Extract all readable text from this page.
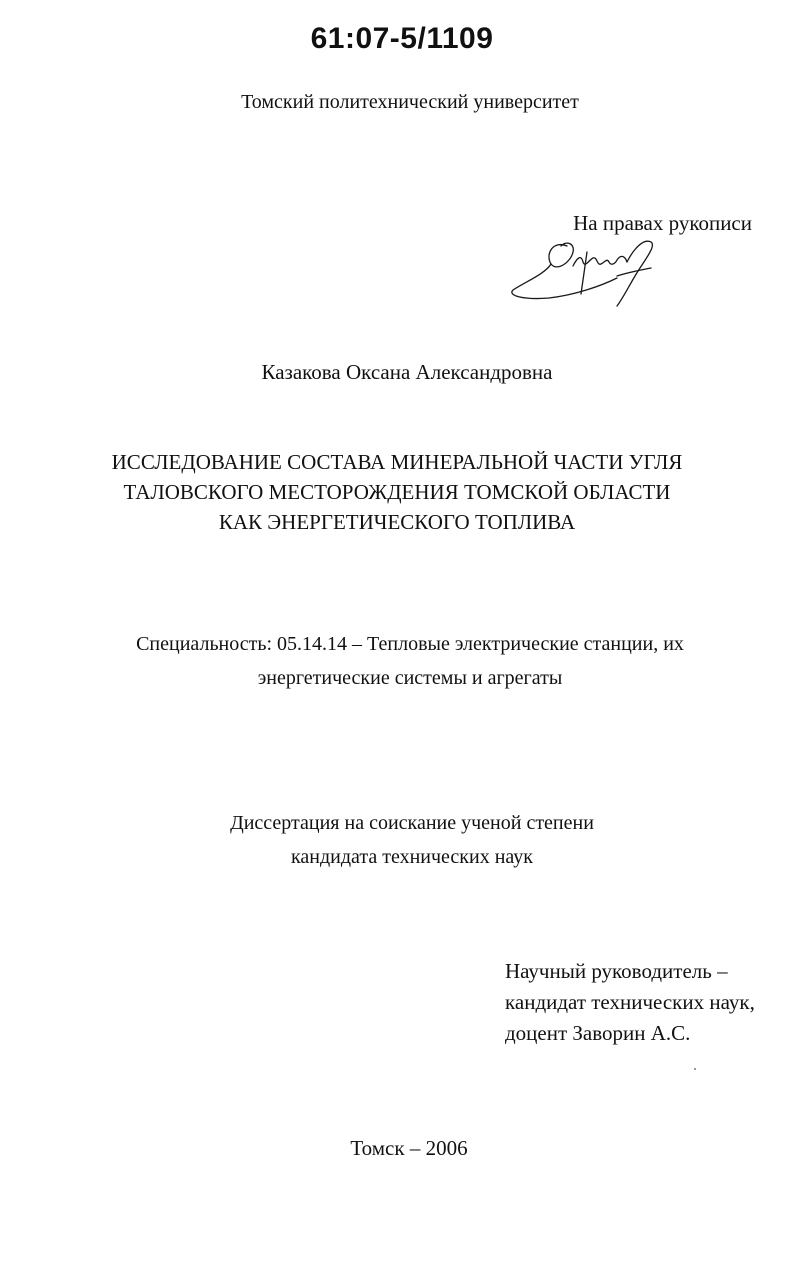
61:07-5/1109
Томский политехнический университет
На правах рукописи
Казакова Оксана Александровна
ИССЛЕДОВАНИЕ СОСТАВА МИНЕРАЛЬНОЙ ЧАСТИ УГЛЯ
ТАЛОВСКОГО МЕСТОРОЖДЕНИЯ ТОМСКОЙ ОБЛАСТИ
КАК ЭНЕРГЕТИЧЕСКОГО ТОПЛИВА
Специальность: 05.14.14 – Тепловые электрические станции, их
энергетические системы и агрегаты
Диссертация на соискание ученой степени
кандидата технических наук
Научный руководитель –
кандидат технических наук,
доцент Заворин А.С.
Томск – 2006
